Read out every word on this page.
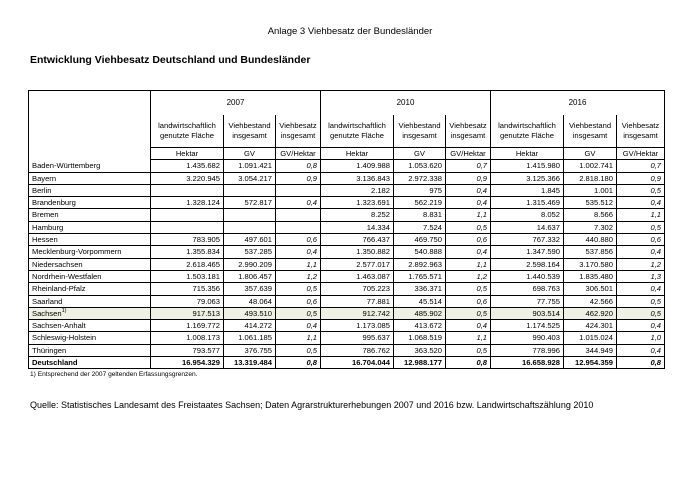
Anlage 3 Viehbesatz der Bundesländer
Entwicklung Viehbesatz Deutschland und Bundesländer
	2007			2010			2016		
	landwirtschaftlich genutzte Fläche	Viehbestand insgesamt	Viehbesatz insgesamt	landwirtschaftlich genutzte Fläche	Viehbestand insgesamt	Viehbesatz insgesamt	landwirtschaftlich genutzte Fläche	Viehbestand insgesamt	Viehbesatz insgesamt
	Hektar	GV	GV/Hektar	Hektar	GV	GV/Hektar	Hektar	GV	GV/Hektar
Baden-Württemberg	1.435.682	1.091.421	0,8	1.409.988	1.053.620	0,7	1.415.980	1.002.741	0,7
Bayern	3.220.945	3.054.217	0,9	3.136.843	2.972.338	0,9	3.125.366	2.818.180	0,9
Berlin				2.182	975	0,4	1.845	1.001	0,5
Brandenburg	1.328.124	572.817	0,4	1.323.691	562.219	0,4	1.315.469	535.512	0,4
Bremen				8.252	8.831	1,1	8.052	8.566	1,1
Hamburg				14.334	7.524	0,5	14.637	7.302	0,5
Hessen	783.905	497.601	0,6	766.437	469.750	0,6	767.332	440.880	0,6
Mecklenburg-Vorpommern	1.355.834	537.285	0,4	1.350.882	540.888	0,4	1.347.590	537.856	0,4
Niedersachsen	2.618.465	2.990.209	1,1	2.577.017	2.892.963	1,1	2.598.164	3.170.580	1,2
Nordrhein-Westfalen	1.503.181	1.806.457	1,2	1.463.087	1.765.571	1,2	1.440.539	1.835.480	1,3
Rheinland-Pfalz	715.356	357.639	0,5	705.223	336.371	0,5	698.763	306.501	0,4
Saarland	79.063	48.064	0,6	77.881	45.514	0,6	77.755	42.566	0,5
Sachsen$^{1)}$	917.513	493.510	0,5	912.742	485.902	0,5	903.514	462.920	0,5
Sachsen-Anhalt	1.169.772	414.272	0,4	1.173.085	413.672	0,4	1.174.525	424.301	0,4
Schleswig-Holstein	1.008.173	1.061.185	1,1	995.637	1.068.519	1,1	990.403	1.015.024	1,0
Thüringen	793.577	376.755	0,5	786.762	363.520	0,5	778.996	344.949	0,4
Deutschland	16.954.329	13.319.484	0,8	16.704.044	12.988.177	0,8	16.658.928	12.954.359	0,8
1) Entsprechend der 2007 geltenden Erfassungsgrenzen.
Quelle: Statistisches Landesamt des Freistaates Sachsen; Daten Agrarstrukturerhebungen 2007 und 2016 bzw. Landwirtschaftszählung 2010
